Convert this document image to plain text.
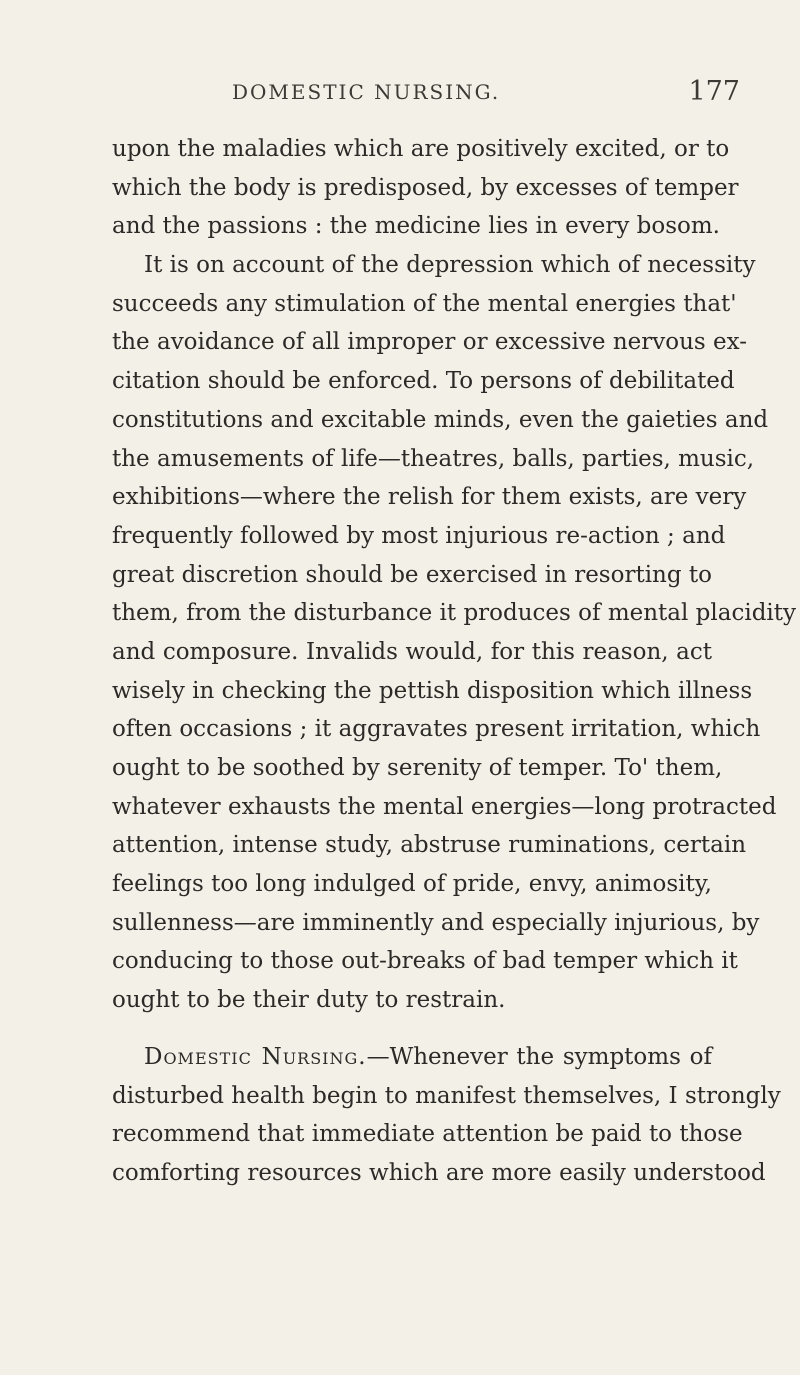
DOMESTIC NURSING.	177
upon the maladies which are positively excited, or to
which the body is predisposed, by excesses of temper
and the passions : the medicine lies in every bosom.
It is on account of the depression which of necessity
succeeds any stimulation of the mental energies that'
the avoidance of all improper or excessive nervous ex-
citation should be enforced. To persons of debilitated
constitutions and excitable minds, even the gaieties and
the amusements of life—theatres, balls, parties, music,
exhibitions—where the relish for them exists, are very
frequently followed by most injurious re-action ; and
great discretion should be exercised in resorting to
them, from the disturbance it produces of mental placidity
and composure. Invalids would, for this reason, act
wisely in checking the pettish disposition which illness
often occasions ; it aggravates present irritation, which
ought to be soothed by serenity of temper. To' them,
whatever exhausts the mental energies—long protracted
attention, intense study, abstruse ruminations, certain
feelings too long indulged of pride, envy, animosity,
sullenness—are imminently and especially injurious, by
conducing to those out-breaks of bad temper which it
ought to be their duty to restrain.
Domestic Nursing.—Whenever the symptoms of
disturbed health begin to manifest themselves, I strongly
recommend that immediate attention be paid to those
comforting resources which are more easily understood
